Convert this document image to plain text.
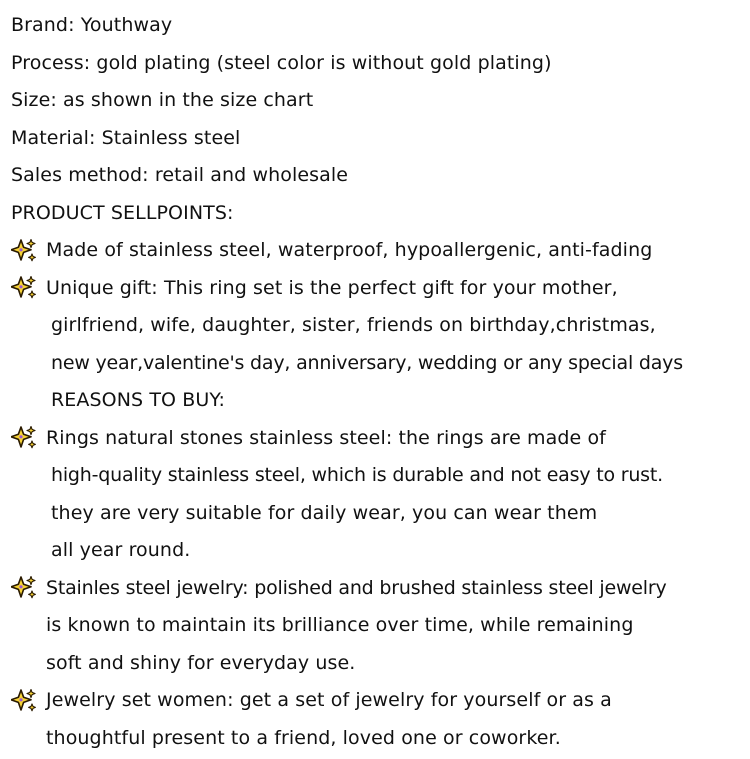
Brand: Youthway
Process: gold plating (steel color is without gold plating)
Size: as shown in the size chart
Material: Stainless steel
Sales method: retail and wholesale
PRODUCT SELLPOINTS:
Made of stainless steel, waterproof, hypoallergenic, anti-fading
Unique gift: This ring set is the perfect gift for your mother,
girlfriend, wife, daughter, sister, friends on birthday,christmas,
new year,valentine's day, anniversary, wedding or any special days
REASONS TO BUY:
Rings natural stones stainless steel: the rings are made of
high-quality stainless steel, which is durable and not easy to rust.
they are very suitable for daily wear, you can wear them
all year round.
Stainles steel jewelry: polished and brushed stainless steel jewelry
is known to maintain its brilliance over time, while remaining
soft and shiny for everyday use.
Jewelry set women: get a set of jewelry for yourself or as a
thoughtful present to a friend, loved one or coworker.
